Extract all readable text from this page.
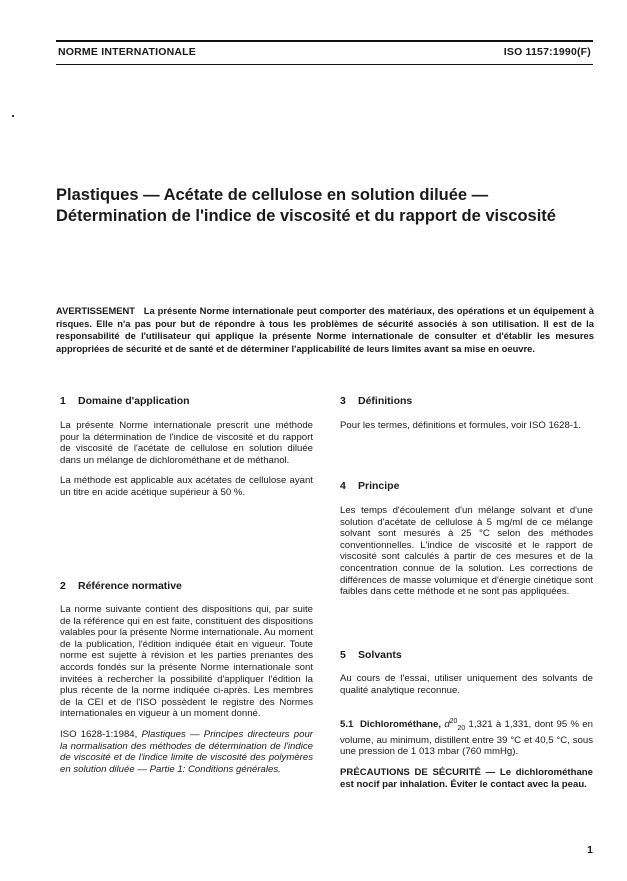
NORME INTERNATIONALE	ISO 1157:1990(F)
Plastiques — Acétate de cellulose en solution diluée — Détermination de l'indice de viscosité et du rapport de viscosité

AVERTISSEMENT La présente Norme internationale peut comporter des matériaux, des opérations et un équipement à risques. Elle n'a pas pour but de répondre à tous les problèmes de sécurité associés à son utilisation. Il est de la responsabilité de l'utilisateur qui applique la présente Norme internationale de consulter et d'établir les mesures appropriées de sécurité et de santé et de déterminer l'applicabilité de leurs limites avant sa mise en oeuvre.

1 Domaine d'application

La présente Norme internationale prescrit une méthode pour la détermination de l'indice de viscosité et du rapport de viscosité de l'acétate de cellulose en solution diluée dans un mélange de dichlorométhane et de méthanol.

La méthode est applicable aux acétates de cellulose ayant un titre en acide acétique supérieur à 50 %.

2 Référence normative

La norme suivante contient des dispositions qui, par suite de la référence qui en est faite, constituent des dispositions valables pour la présente Norme internationale. Au moment de la publication, l'édition indiquée était en vigueur. Toute norme est sujette à révision et les parties prenantes des accords fondés sur la présente Norme internationale sont invitées à rechercher la possibilité d'appliquer l'édition la plus récente de la norme indiquée ci-après. Les membres de la CEI et de l'ISO possèdent le registre des Normes internationales en vigueur à un moment donné.

ISO 1628-1:1984, Plastiques — Principes directeurs pour la normalisation des méthodes de détermination de l'indice de viscosité et de l'indice limite de viscosité des polymères en solution diluée — Partie 1: Conditions générales.

3 Définitions

Pour les termes, définitions et formules, voir ISO 1628-1.

4 Principe

Les temps d'écoulement d'un mélange solvant et d'une solution d'acétate de cellulose à 5 mg/ml de ce mélange solvant sont mesurés à 25 °C selon des méthodes conventionnelles. L'indice de viscosité et le rapport de viscosité sont calculés à partir de ces mesures et de la concentration connue de la solution. Les corrections de différences de masse volumique et d'énergie cinétique sont faibles dans cette méthode et ne sont pas appliquées.

5 Solvants

Au cours de l'essai, utiliser uniquement des solvants de qualité analytique reconnue.

5.1 Dichlorométhane, $d^{20}_{20}$ 1,321 à 1,331, dont 95 % en volume, au minimum, distillent entre 39 °C et 40,5 °C, sous une pression de 1 013 mbar (760 mmHg).

PRÉCAUTIONS DE SÉCURITÉ — Le dichlorométhane est nocif par inhalation. Éviter le contact avec la peau.

1
